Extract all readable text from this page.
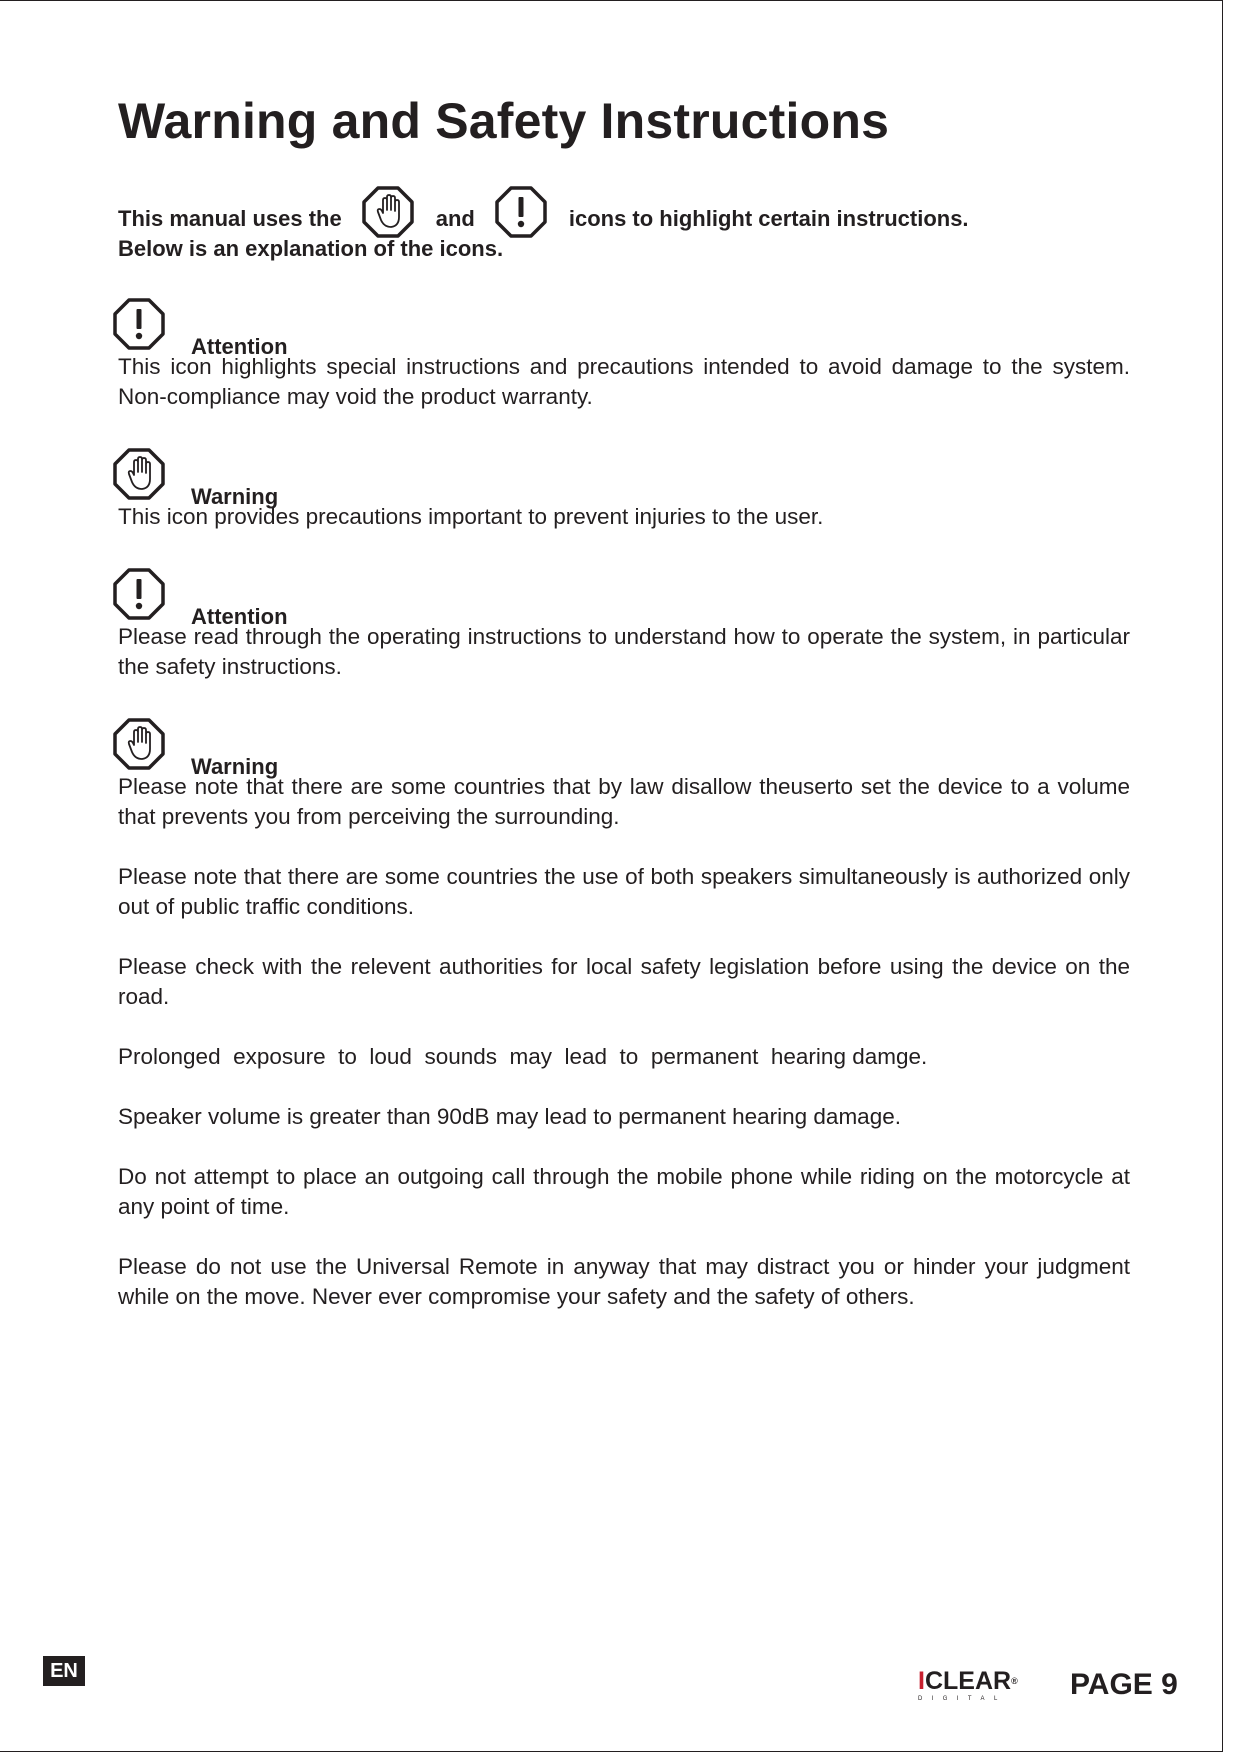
Warning and Safety Instructions
This manual uses the	and	icons to highlight certain instructions.
Below is an explanation of the icons.
Attention

This icon highlights special instructions and precautions intended to avoid damage to the system. Non-compliance may void the product warranty.

Warning

This icon provides precautions important to prevent injuries to the user.

Attention

Please read through the operating instructions to understand how to operate the system, in particular the safety instructions.

Warning

Please note that there are some countries that by law disallow theuserto set the device to a volume that prevents you from perceiving the surrounding.

Please note that there are some countries the use of both speakers simultaneously is authorized only out of public traffic conditions.

Please check with the relevent authorities for local safety legislation before using the device on the road.

Prolonged  exposure  to  loud  sounds  may  lead  to  permanent  hearing damge.

Speaker volume is greater than 90dB may lead to permanent hearing damage.

Do not attempt to place an outgoing call through the mobile phone while riding on the motorcycle at any point of time.

Please do not use the Universal Remote in anyway that may distract you or hinder your judgment while on the move. Never ever compromise your safety and the safety of others.

EN	ICLEAR®
DIGITAL	PAGE 9
